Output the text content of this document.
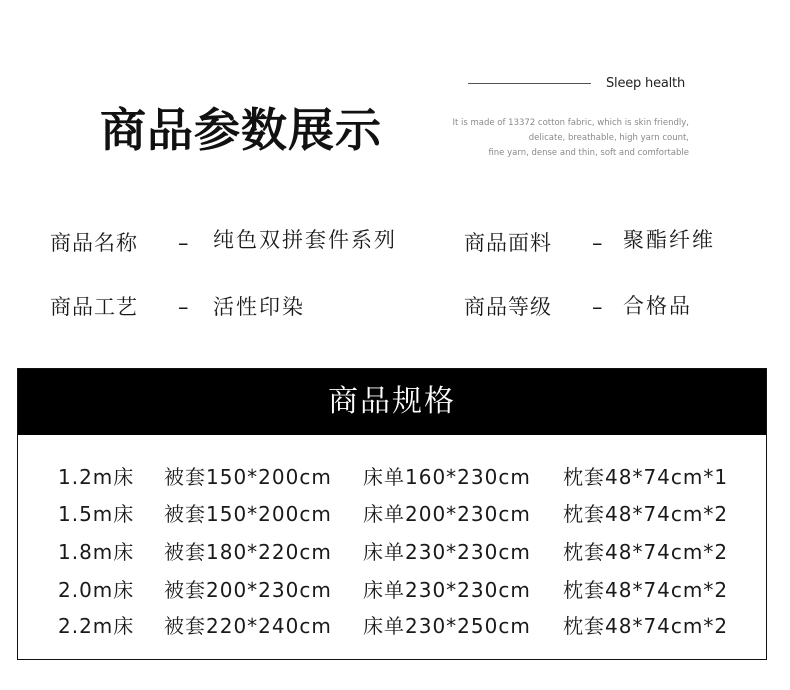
商品参数展示
Sleep health
It is made of 13372 cotton fabric, which is skin friendly,
delicate, breathable, high yarn count,
fine yarn, dense and thin, soft and comfortable
商品名称 – 纯色双拼套件系列	商品面料 – 聚酯纤维
商品工艺 – 活性印染	商品等级 – 合格品
商品规格
1.2m床 被套150*200cm 床单160*230cm 枕套48*74cm*1
1.5m床 被套150*200cm 床单200*230cm 枕套48*74cm*2
1.8m床 被套180*220cm 床单230*230cm 枕套48*74cm*2
2.0m床 被套200*230cm 床单230*230cm 枕套48*74cm*2
2.2m床 被套220*240cm 床单230*250cm 枕套48*74cm*2
